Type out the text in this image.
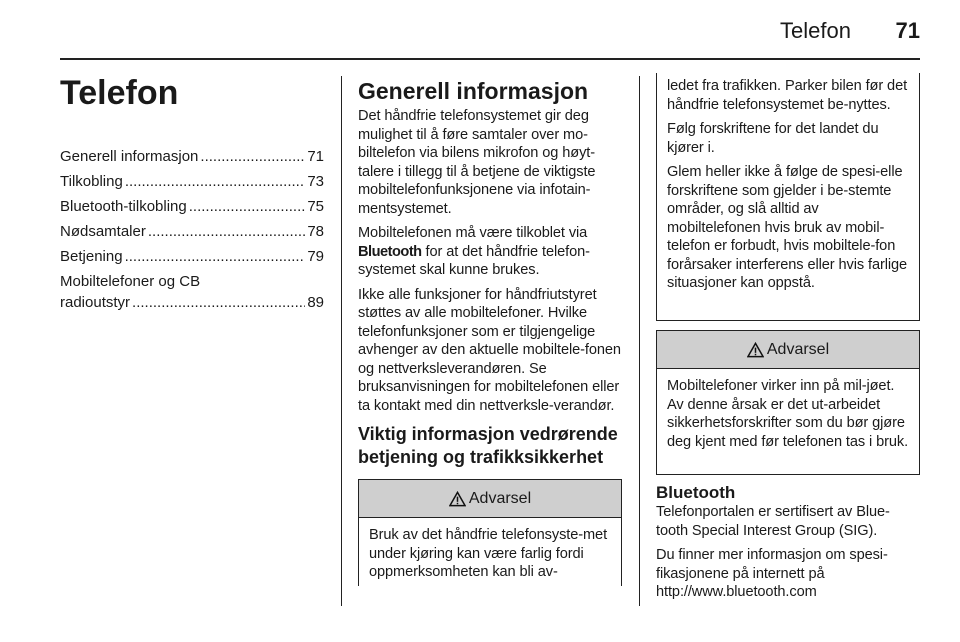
Telefon 71
Telefon
Generell informasjon .....	71
Tilkobling .....	73
Bluetooth-tilkobling .....	75
Nødsamtaler .....	78
Betjening .....	79
Mobiltelefoner og CB
radioutstyr .....	89
Generell informasjon

Det håndfrie telefonsystemet gir deg mulighet til å føre samtaler over mo-biltelefon via bilens mikrofon og høyt-talere i tillegg til å betjene de viktigste mobiltelefonfunksjonene via infotain-mentsystemet.

Mobiltelefonen må være tilkoblet via Bluetooth for at det håndfrie telefon-systemet skal kunne brukes.

Ikke alle funksjoner for håndfriutstyret støttes av alle mobiltelefoner. Hvilke telefonfunksjoner som er tilgjengelige avhenger av den aktuelle mobiltele-fonen og nettverksleverandøren. Se bruksanvisningen for mobiltelefonen eller ta kontakt med din nettverksle-verandør.

Viktig informasjon vedrørende betjening og trafikksikkerhet
Advarsel

Bruk av det håndfrie telefonsyste-met under kjøring kan være farlig fordi oppmerksomheten kan bli av-

ledet fra trafikken. Parker bilen før det håndfrie telefonsystemet be-nyttes.

Følg forskriftene for det landet du kjører i.

Glem heller ikke å følge de spesi-elle forskriftene som gjelder i be-stemte områder, og slå alltid av mobiltelefonen hvis bruk av mobil-telefon er forbudt, hvis mobiltele-fon forårsaker interferens eller hvis farlige situasjoner kan oppstå.

Advarsel

Mobiltelefoner virker inn på mil-jøet. Av denne årsak er det ut-arbeidet sikkerhetsforskrifter som du bør gjøre deg kjent med før telefonen tas i bruk.

Bluetooth

Telefonportalen er sertifisert av Blue-tooth Special Interest Group (SIG).

Du finner mer informasjon om spesi-fikasjonene på internett på http://www.bluetooth.com
